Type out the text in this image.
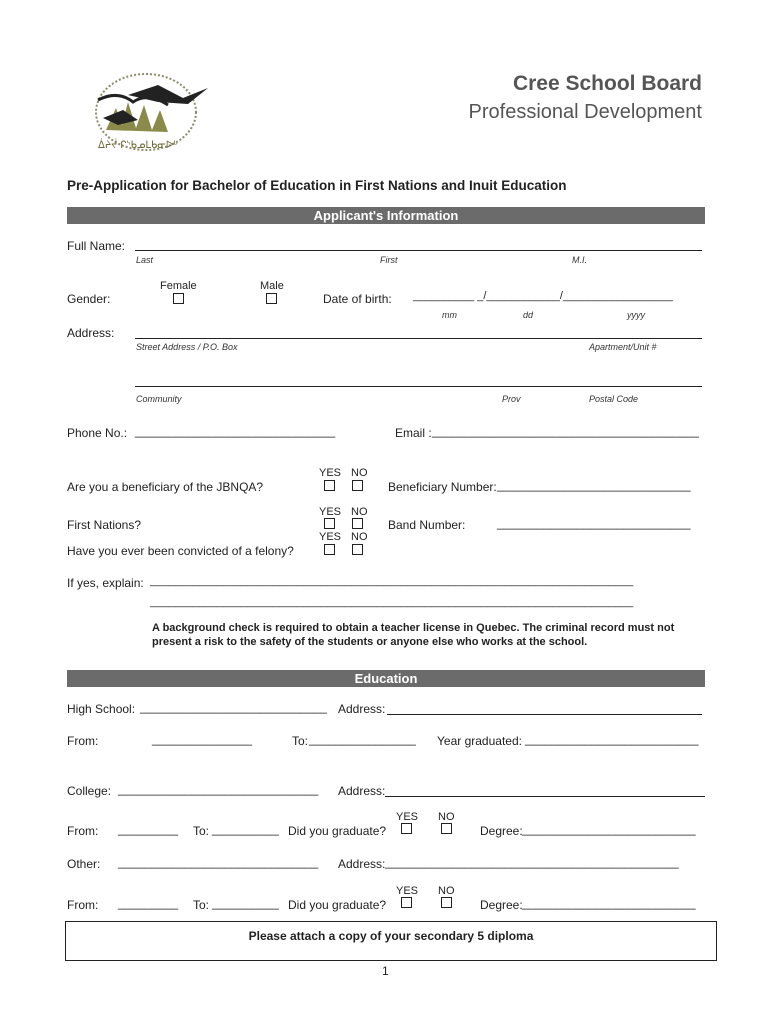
ᐄᔨᔫ ᒋᔅᑲᓄᒪᑲᓂᐅᒡ
Cree School Board
Professional Development
Pre-Application for Bachelor of Education in First Nations and Inuit Education
Applicant's Information
Full Name:
Last	First	M.I.
Female	Male
Gender:	Date of birth: __________ _/____________/__________________
mm	dd	yyyy
Address:
Street Address / P.O. Box	Apartment/Unit #
Community	Prov	Postal Code
Phone No.: ______________________________	Email : ________________________________________
YES NO
Are you a beneficiary of the JBNQA?	Beneficiary Number: _____________________________
YES NO
First Nations?	Band Number:	_____________________________
YES NO
Have you ever been convicted of a felony?
If yes, explain: _______________________________________________________________________________
_______________________________________________________________________________
A background check is required to obtain a teacher license in Quebec. The criminal record must not
present a risk to the safety of the students or anyone else who works at the school.
Education
High School: ____________________________ Address:
From:	_______________	To: ________________ Year graduated: __________________________
College: ______________________________ Address:
YES NO
From: _________ To: __________ Did you graduate?	Degree: __________________________
Other: ______________________________ Address: ____________________________________________
YES NO
From: _________ To: __________ Did you graduate?	Degree: __________________________
Please attach a copy of your secondary 5 diploma
1
